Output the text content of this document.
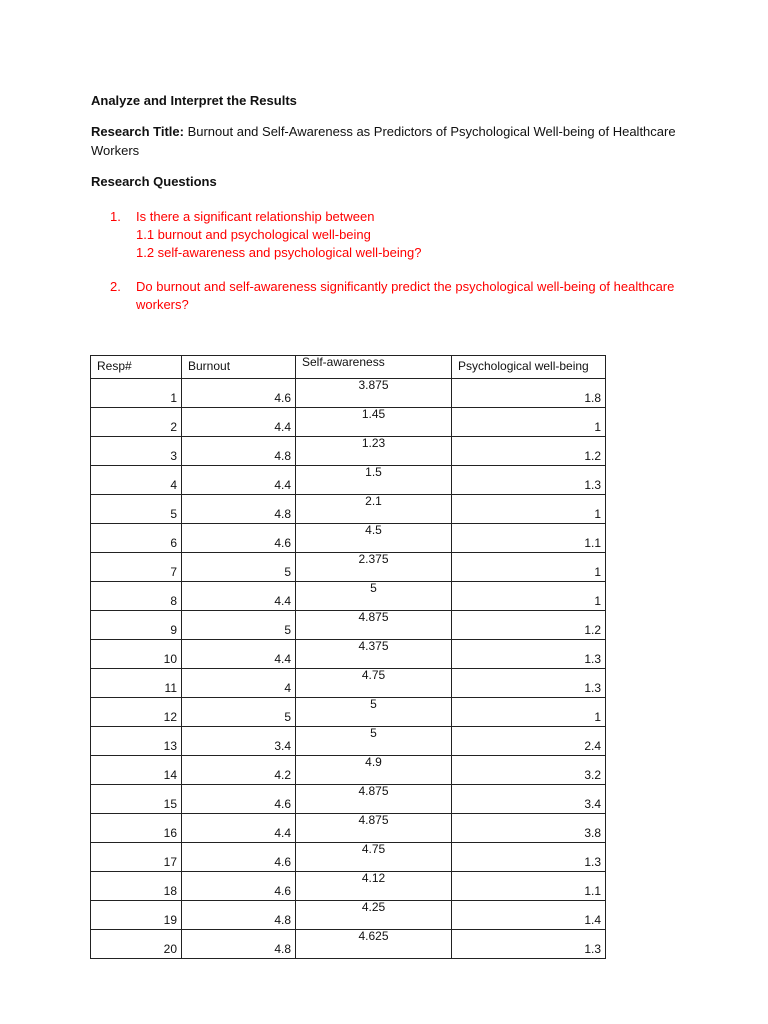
Analyze and Interpret the Results
Research Title: Burnout and Self-Awareness as Predictors of Psychological Well-being of Healthcare Workers
Research Questions
1. Is there a significant relationship between
1.1 burnout and psychological well-being
1.2 self-awareness and psychological well-being?
2. Do burnout and self-awareness significantly predict the psychological well-being of healthcare workers?
Resp#	Burnout	Self-awareness	Psychological well-being
1	4.6	3.875	1.8
2	4.4	1.45	1
3	4.8	1.23	1.2
4	4.4	1.5	1.3
5	4.8	2.1	1
6	4.6	4.5	1.1
7	5	2.375	1
8	4.4	5	1
9	5	4.875	1.2
10	4.4	4.375	1.3
11	4	4.75	1.3
12	5	5	1
13	3.4	5	2.4
14	4.2	4.9	3.2
15	4.6	4.875	3.4
16	4.4	4.875	3.8
17	4.6	4.75	1.3
18	4.6	4.12	1.1
19	4.8	4.25	1.4
20	4.8	4.625	1.3
